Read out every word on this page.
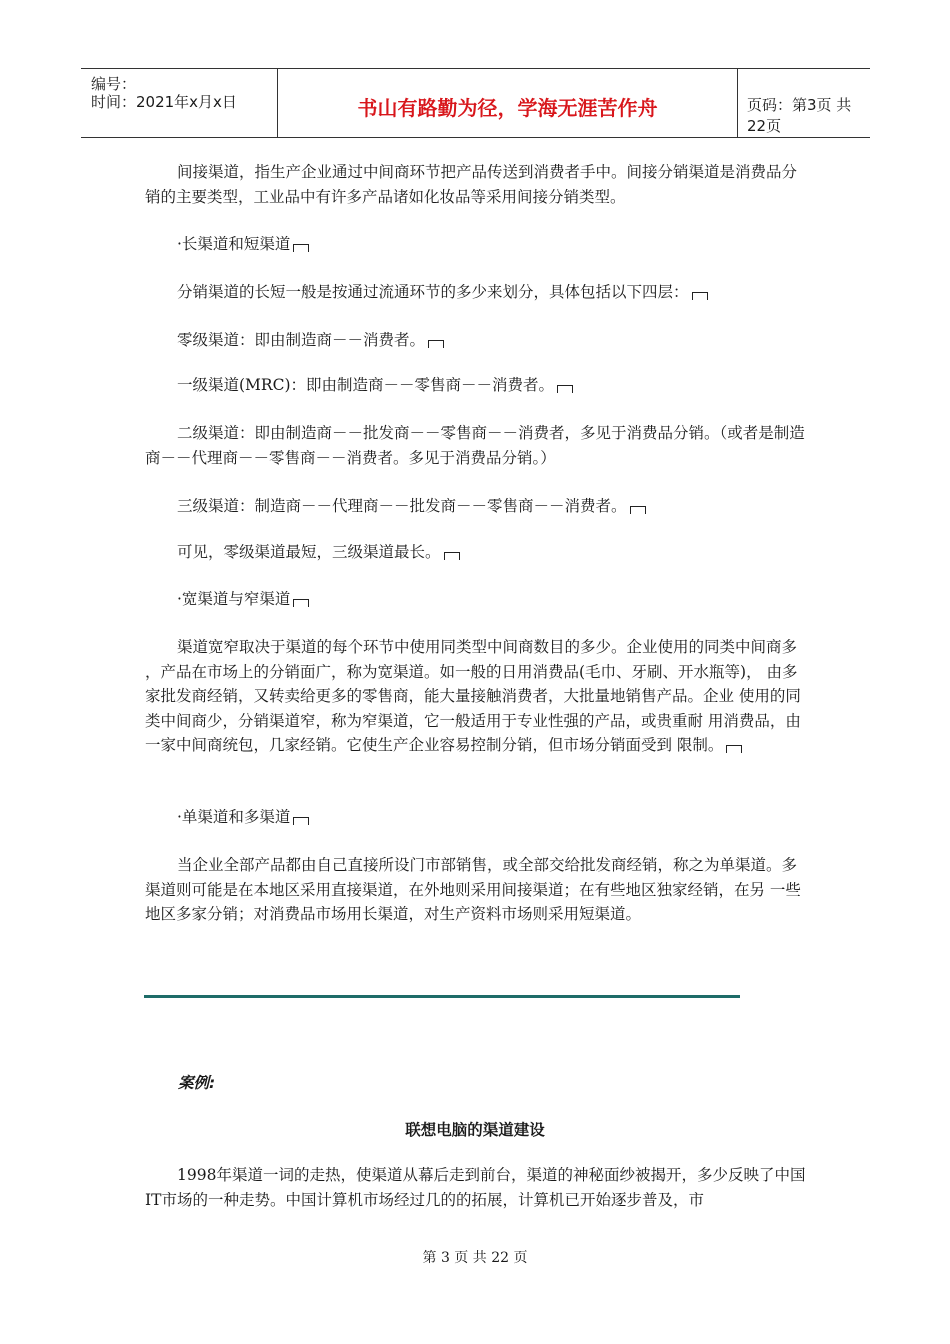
编号：
时间：2021年x月x日	书山有路勤为径，学海无涯苦作舟	页码：第3页 共22页

间接渠道，指生产企业通过中间商环节把产品传送到消费者手中。间接分销渠道是消费品分 销的主要类型，工业品中有许多产品诸如化妆品等采用间接分销类型。

·长渠道和短渠道

分销渠道的长短一般是按通过流通环节的多少来划分，具体包括以下四层：

零级渠道：即由制造商－－消费者。

一级渠道(MRC)：即由制造商－－零售商－－消费者。

二级渠道：即由制造商－－批发商－－零售商－－消费者，多见于消费品分销。（或者是制造商－－代理商－－零售商－－消费者。多见于消费品分销。）

三级渠道：制造商－－代理商－－批发商－－零售商－－消费者。

可见，零级渠道最短，三级渠道最长。

·宽渠道与窄渠道

渠道宽窄取决于渠道的每个环节中使用同类型中间商数目的多少。企业使用的同类中间商多 ，产品在市场上的分销面广，称为宽渠道。如一般的日用消费品(毛巾、牙刷、开水瓶等)， 由多家批发商经销，又转卖给更多的零售商，能大量接触消费者，大批量地销售产品。企业 使用的同类中间商少，分销渠道窄，称为窄渠道，它一般适用于专业性强的产品，或贵重耐 用消费品，由一家中间商统包，几家经销。它使生产企业容易控制分销，但市场分销面受到 限制。

·单渠道和多渠道

当企业全部产品都由自己直接所设门市部销售，或全部交给批发商经销，称之为单渠道。多 渠道则可能是在本地区采用直接渠道，在外地则采用间接渠道；在有些地区独家经销，在另 一些地区多家分销；对消费品市场用长渠道，对生产资料市场则采用短渠道。

案例:
联想电脑的渠道建设

1998年渠道一词的走热，使渠道从幕后走到前台，渠道的神秘面纱被揭开，多少反映了中国IT市场的一种走势。中国计算机市场经过几的的拓展，计算机已开始逐步普及，市

第 3 页 共 22 页
